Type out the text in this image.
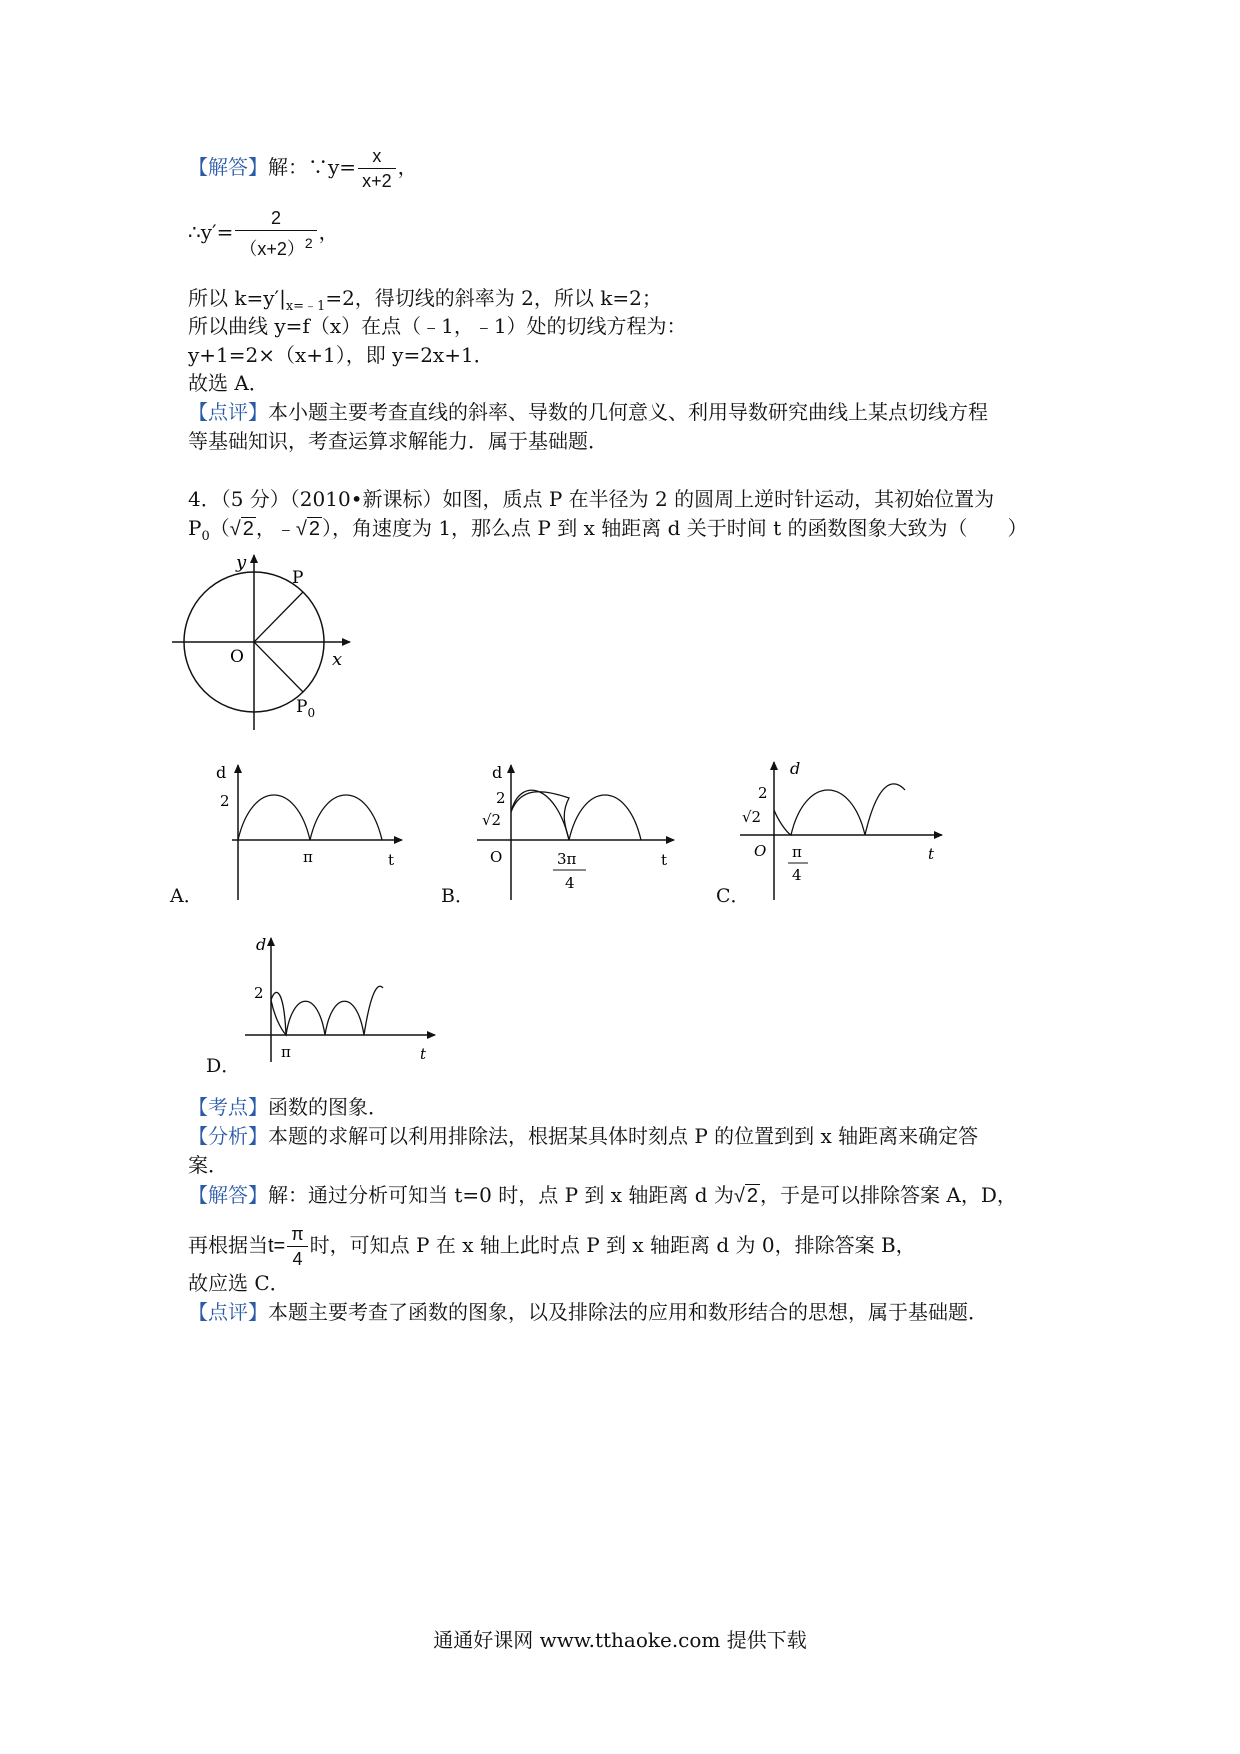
【解答】解：∵y= $\frac{x}{x+2}$ ，
∴y′= $\frac{2}{(x+2)^2}$ ，
所以 $k=y'|_{x=﹣1}=2$，得切线的斜率为 2，所以 k=2；
所以曲线 y=f（x）在点（﹣1，﹣1）处的切线方程为：
y+1=2×（x+1），即 y=2x+1．
故选 A．
【点评】本小题主要考查直线的斜率、导数的几何意义、利用导数研究曲线上某点切线方程
等基础知识，考查运算求解能力．属于基础题．
4．（5 分）（2010•新课标）如图，质点 P 在半径为 2 的圆周上逆时针运动，其初始位置为
$P_0(√$ 2 ，﹣√ 2 ），角速度为 1，那么点 P 到 x 轴距离 d 关于时间 t 的函数图象大致为（　　）
y
P
O	x
$P_0$
d
2
π	t
A．
d
2
√2
O	3π
4
t
B．
d
2
√2
O π
4
t
C．
d
2
π	t
D．
【考点】函数的图象．
【分析】本题的求解可以利用排除法，根据某具体时刻点 P 的位置到到 x 轴距离来确定答
案．
【解答】解：通过分析可知当 t=0 时，点 P 到 x 轴距离 d 为√ 2 ，于是可以排除答案 A，D，
再根据当$t= \frac{\pi}{4}$ 时，可知点 P 在 x 轴上此时点 P 到 x 轴距离 d 为 0，排除答案 B，
故应选 C．
【点评】本题主要考查了函数的图象，以及排除法的应用和数形结合的思想，属于基础题．
通通好课网 www.tthaoke.com 提供下载
